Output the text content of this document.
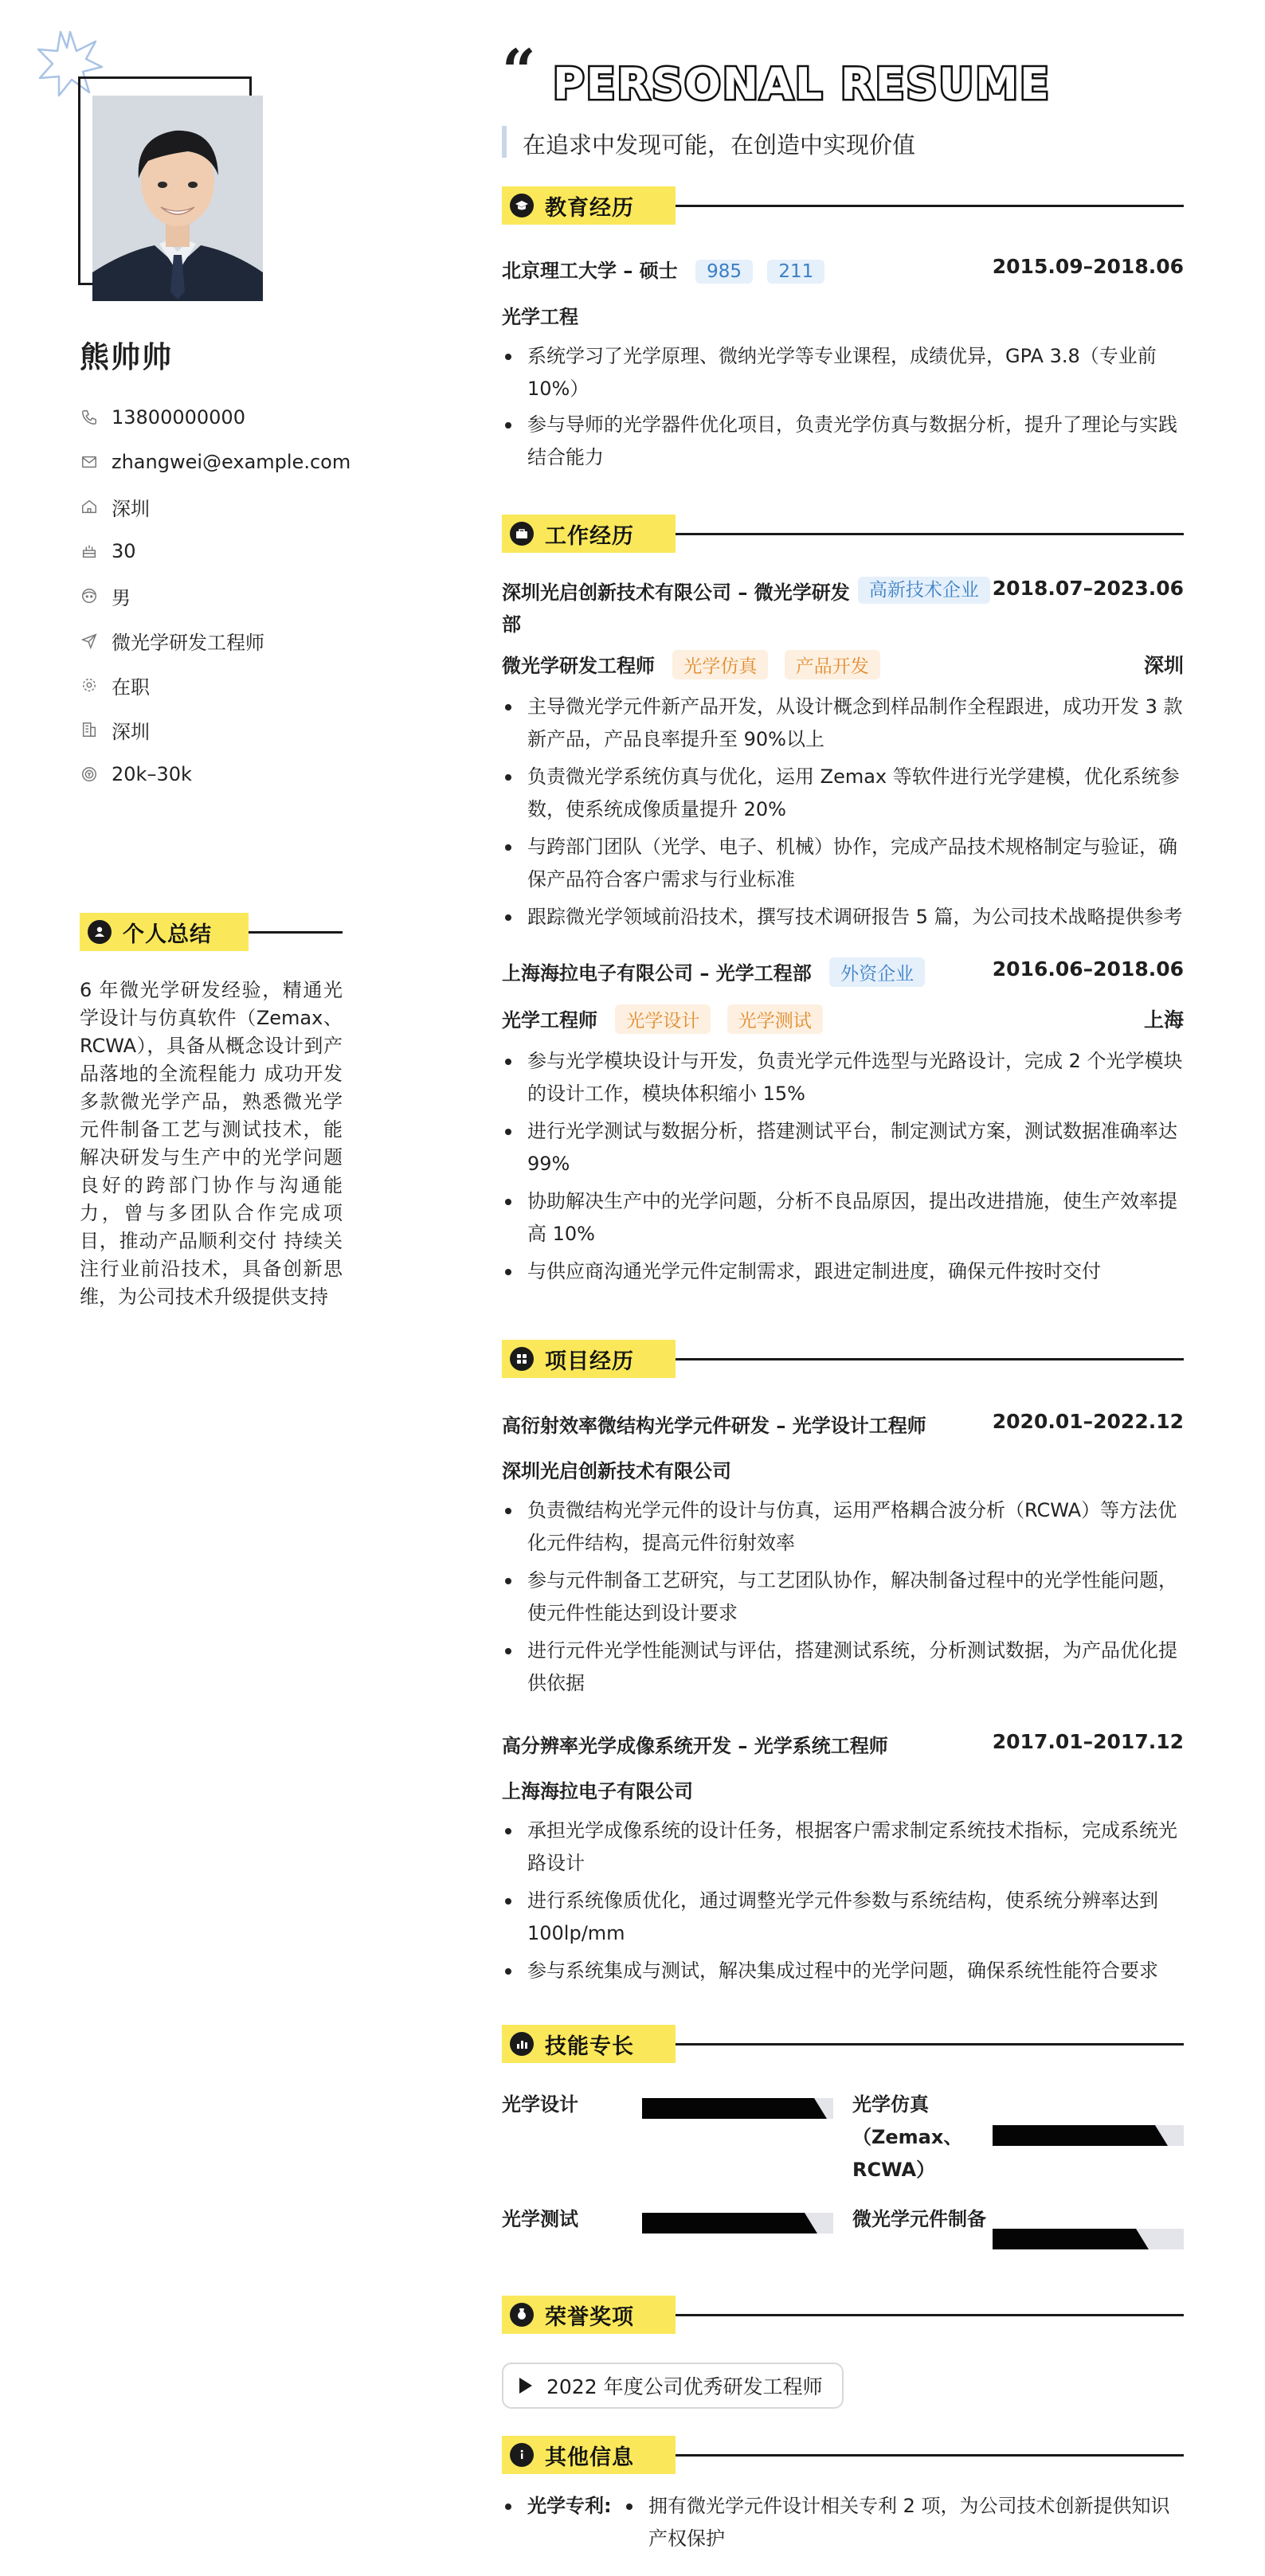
熊帅帅
13800000000
zhangwei@example.com
深圳
30
男
微光学研发工程师
在职
深圳
20k–30k
个人总结
6 年微光学研发经验，精通光学设计与仿真软件（Zemax、RCWA），具备从概念设计到产品落地的全流程能力 成功开发多款微光学产品，熟悉微光学元件制备工艺与测试技术，能解决研发与生产中的光学问题 良好的跨部门协作与沟通能力，曾与多团队合作完成项目，推动产品顺利交付 持续关注行业前沿技术，具备创新思维，为公司技术升级提供支持
“ PERSONAL RESUME
在追求中发现可能，在创造中实现价值
教育经历
北京理工大学 – 硕士 985 211	2015.09–2018.06
光学工程
系统学习了光学原理、微纳光学等专业课程，成绩优异，GPA 3.8（专业前10%）
参与导师的光学器件优化项目，负责光学仿真与数据分析，提升了理论与实践结合能力
工作经历
深圳光启创新技术有限公司 – 微光学研发部
高新技术企业 2018.07–2023.06
微光学研发工程师 光学仿真 产品开发	深圳
主导微光学元件新产品开发，从设计概念到样品制作全程跟进，成功开发 3 款新产品，产品良率提升至 90%以上
负责微光学系统仿真与优化，运用 Zemax 等软件进行光学建模，优化系统参数，使系统成像质量提升 20%
与跨部门团队（光学、电子、机械）协作，完成产品技术规格制定与验证，确保产品符合客户需求与行业标准
跟踪微光学领域前沿技术，撰写技术调研报告 5 篇，为公司技术战略提供参考
上海海拉电子有限公司 – 光学工程部 外资企业	2016.06–2018.06
光学工程师 光学设计 光学测试	上海
参与光学模块设计与开发，负责光学元件选型与光路设计，完成 2 个光学模块的设计工作，模块体积缩小 15%
进行光学测试与数据分析，搭建测试平台，制定测试方案，测试数据准确率达99%
协助解决生产中的光学问题，分析不良品原因，提出改进措施，使生产效率提高 10%
与供应商沟通光学元件定制需求，跟进定制进度，确保元件按时交付
项目经历
高衍射效率微结构光学元件研发 – 光学设计工程师	2020.01–2022.12
深圳光启创新技术有限公司
负责微结构光学元件的设计与仿真，运用严格耦合波分析（RCWA）等方法优化元件结构，提高元件衍射效率
参与元件制备工艺研究，与工艺团队协作，解决制备过程中的光学性能问题，使元件性能达到设计要求
进行元件光学性能测试与评估，搭建测试系统，分析测试数据，为产品优化提供依据
高分辨率光学成像系统开发 – 光学系统工程师	2017.01–2017.12
上海海拉电子有限公司
承担光学成像系统的设计任务，根据客户需求制定系统技术指标，完成系统光路设计
进行系统像质优化，通过调整光学元件参数与系统结构，使系统分辨率达到100lp/mm
参与系统集成与测试，解决集成过程中的光学问题，确保系统性能符合要求
技能专长
光学设计	光学仿真（Zemax、RCWA）
光学测试	微光学元件制备
荣誉奖项
2022 年度公司优秀研发工程师
其他信息
光学专利:	拥有微光学元件设计相关专利 2 项，为公司技术创新提供知识产权保护
